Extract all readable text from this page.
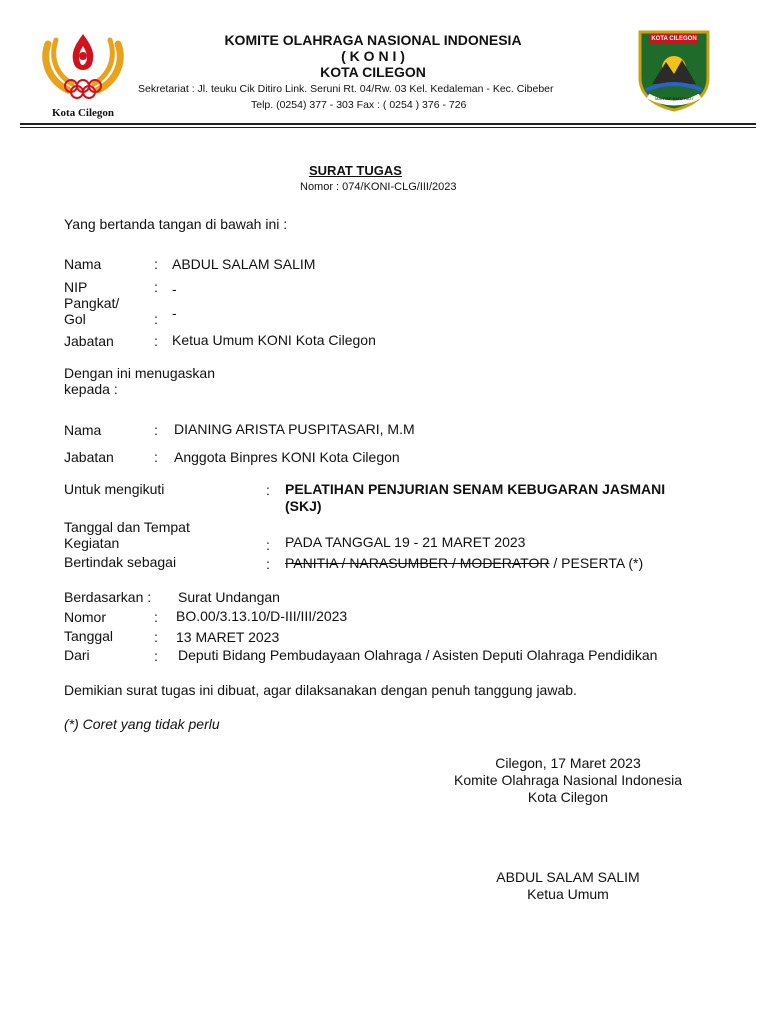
Kota Cilegon
KOTA CILEGON
MANTAP SATU HATI
KOMITE OLAHRAGA NASIONAL INDONESIA
( K O N I )
KOTA CILEGON
Sekretariat : Jl. teuku Cik Ditiro Link. Seruni Rt. 04/Rw. 03 Kel. Kedaleman - Kec. Cibeber
Telp. (0254) 377 - 303 Fax : ( 0254 ) 376 - 726
SURAT TUGAS
Nomor : 074/KONI-CLG/III/2023
Yang bertanda tangan di bawah ini :
Nama	: ABDUL SALAM SALIM
NIP	: -
Pangkat/
Gol	: -
Jabatan	: Ketua Umum KONI Kota Cilegon
Dengan ini menugaskan
kepada :
Nama	: DIANING ARISTA PUSPITASARI, M.M
Jabatan	: Anggota Binpres KONI Kota Cilegon
Untuk mengikuti	: PELATIHAN PENJURIAN SENAM KEBUGARAN JASMANI
(SKJ)
Tanggal dan Tempat
Kegiatan	: PADA TANGGAL 19 - 21 MARET 2023
Bertindak sebagai	: PANITIA / NARASUMBER / MODERATOR / PESERTA (*)
Berdasarkan : Surat Undangan
Nomor	: BO.00/3.13.10/D-III/III/2023
Tanggal	: 13 MARET 2023
Dari	: Deputi Bidang Pembudayaan Olahraga / Asisten Deputi Olahraga Pendidikan
Demikian surat tugas ini dibuat, agar dilaksanakan dengan penuh tanggung jawab.
(*) Coret yang tidak perlu
Cilegon, 17 Maret 2023
Komite Olahraga Nasional Indonesia
Kota Cilegon
ABDUL SALAM SALIM
Ketua Umum
